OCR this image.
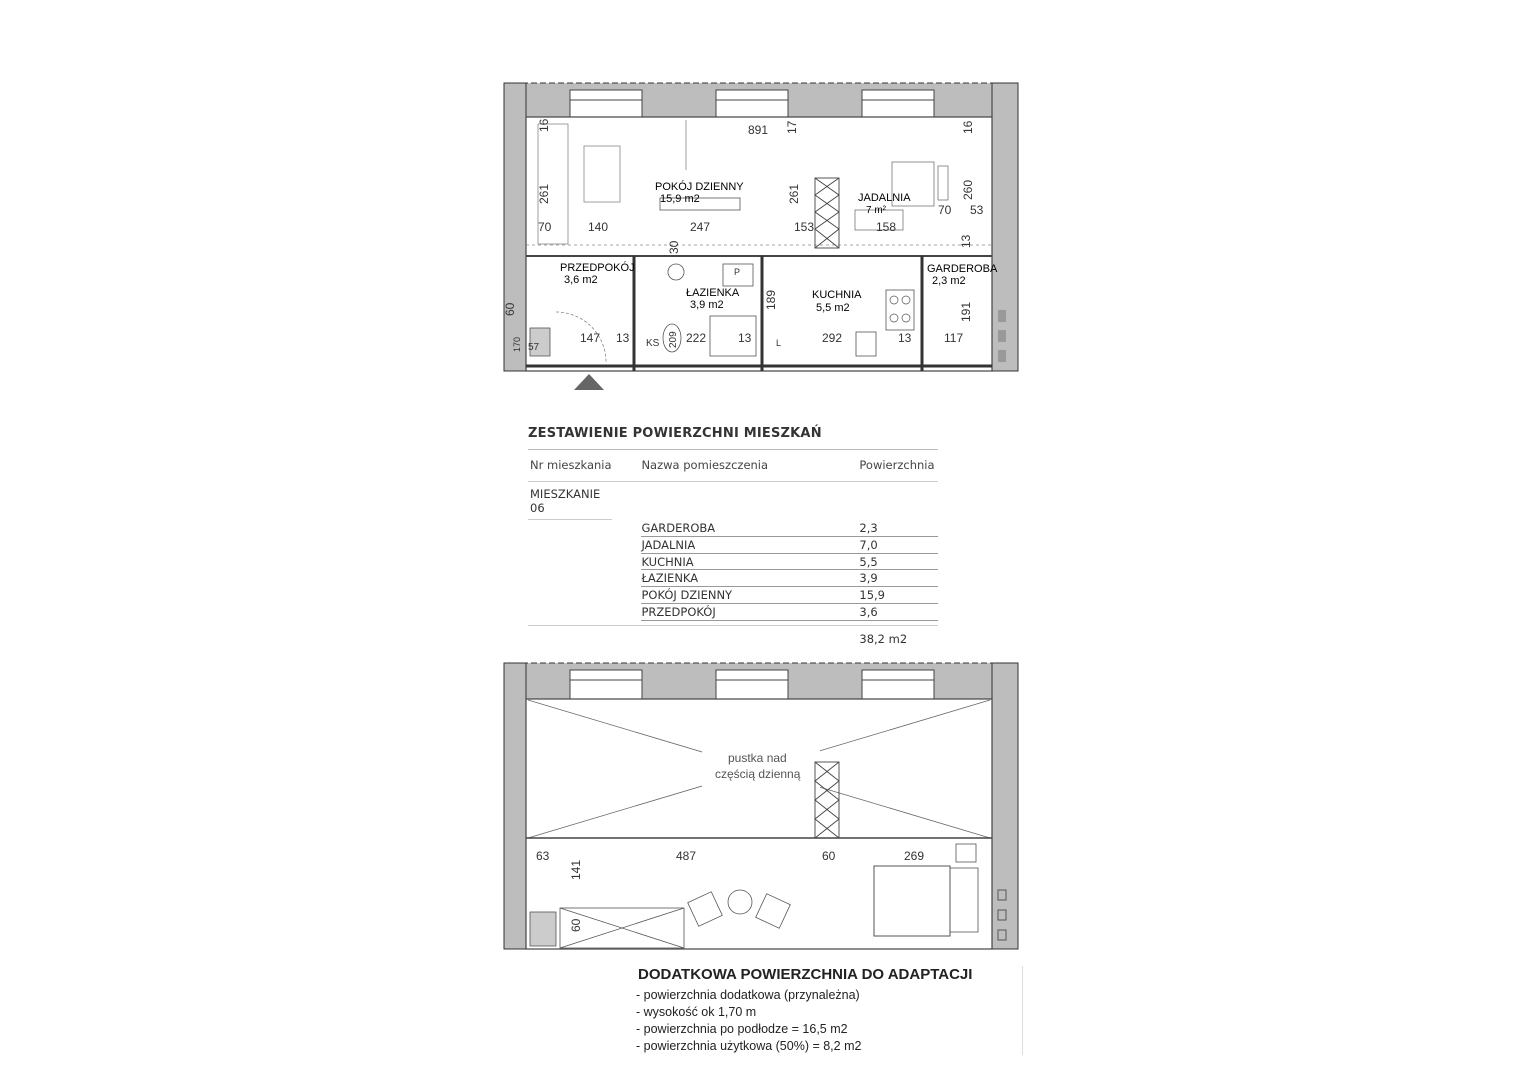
POKÓJ DZIENNY
15,9 m2	JADALNIA
7 m²
PRZEDPOKÓJ
3,6 m2
ŁAZIENKA
3,9 m2
KUCHNIA
5,5 m2
GARDEROBA
2,3 m2
891
16	17	16
261	261	260
70	140	247	153	158
70 53
30	13
189
191
60
147 13	222	13	292	13	117
209
57
170	KS	L
P
pustka nad
częścią dzienną
63	487	60	269
141
60
ZESTAWIENIE POWIERZCHNI MIESZKAŃ
Nr mieszkania	Nazwa pomieszczenia	Powierzchnia
MIESZKANIE 06
GARDEROBA	2,3
JADALNIA	7,0
KUCHNIA	5,5
ŁAZIENKA	3,9
POKÓJ DZIENNY	15,9
PRZEDPOKÓJ	3,6
38,2 m2
DODATKOWA POWIERZCHNIA DO ADAPTACJI
- powierzchnia dodatkowa (przynależna)
- wysokość ok 1,70 m
- powierzchnia po podłodze = 16,5 m2
- powierzchnia użytkowa (50%) = 8,2 m2
